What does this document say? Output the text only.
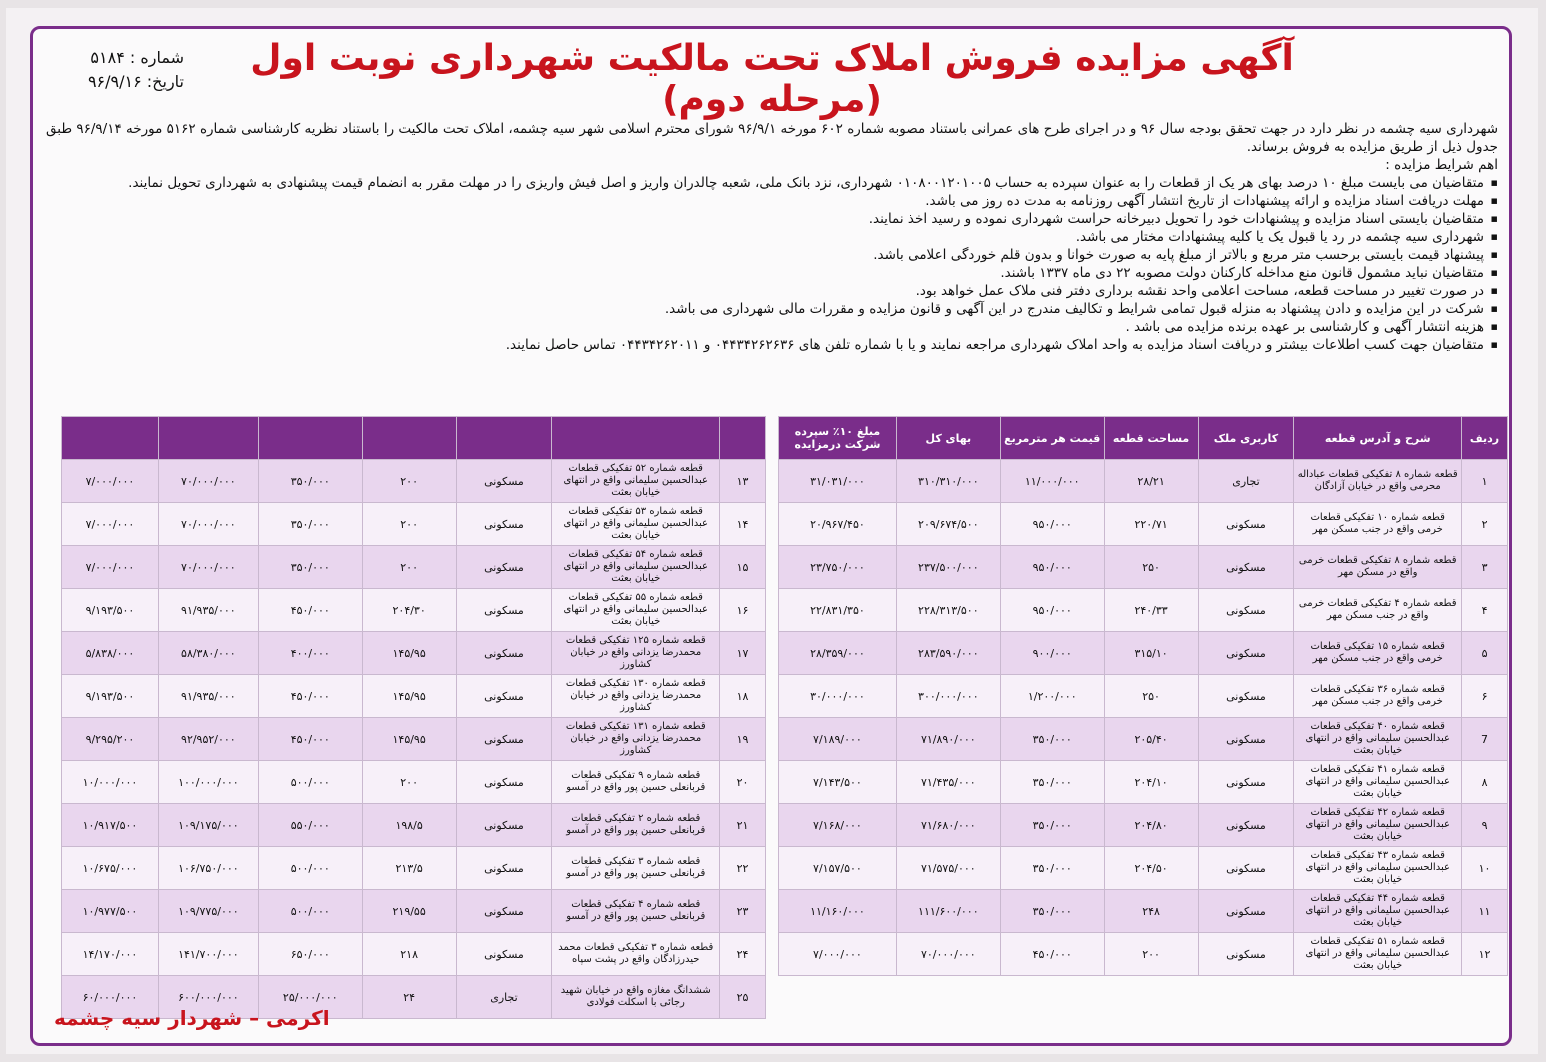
شماره : ۵۱۸۴
تاریخ: ۹۶/۹/۱۶
آگهی مزایده فروش املاک تحت مالکیت شهرداری نوبت اول (مرحله دوم)

شهرداری سیه چشمه در نظر دارد در جهت تحقق بودجه سال ۹۶ و در اجرای طرح های عمرانی باستناد مصوبه شماره ۶۰۲ مورخه ۹۶/۹/۱ شورای محترم اسلامی شهر سیه چشمه، املاک تحت مالکیت را باستناد نظریه کارشناسی شماره ۵۱۶۲ مورخه ۹۶/۹/۱۴ طبق جدول ذیل از طریق مزایده به فروش برساند.

اهم شرایط مزایده :

▪ متقاضیان می بایست مبلغ ۱۰ درصد بهای هر یک از قطعات را به عنوان سپرده به حساب ۰۱۰۸۰۰۱۲۰۱۰۰۵ شهرداری، نزد بانک ملی، شعبه چالدران واریز و اصل فیش واریزی را در مهلت مقرر به انضمام قیمت پیشنهادی به شهرداری تحویل نمایند.
▪ مهلت دریافت اسناد مزایده و ارائه پیشنهادات از تاریخ انتشار آگهی روزنامه به مدت ده روز می باشد.
▪ متقاضیان بایستی اسناد مزایده و پیشنهادات خود را تحویل دبیرخانه حراست شهرداری نموده و رسید اخذ نمایند.
▪ شهرداری سیه چشمه در رد یا قبول یک یا کلیه پیشنهادات مختار می باشد.
▪ پیشنهاد قیمت بایستی برحسب متر مربع و بالاتر از مبلغ پایه به صورت خوانا و بدون قلم خوردگی اعلامی باشد.
▪ متقاضیان نباید مشمول قانون منع مداخله کارکنان دولت مصوبه ۲۲ دی ماه ۱۳۳۷ باشند.
▪ در صورت تغییر در مساحت قطعه، مساحت اعلامی واحد نقشه برداری دفتر فنی ملاک عمل خواهد بود.
▪ شرکت در این مزایده و دادن پیشنهاد به منزله قبول تمامی شرایط و تکالیف مندرج در این آگهی و قانون مزایده و مقررات مالی شهرداری می باشد.
▪ هزینه انتشار آگهی و کارشناسی بر عهده برنده مزایده می باشد .
▪ متقاضیان جهت کسب اطلاعات بیشتر و دریافت اسناد مزایده به واحد املاک شهرداری مراجعه نمایند و یا با شماره تلفن های ۰۴۴۳۴۲۶۲۶۳۶ و ۰۴۴۳۴۲۶۲۰۱۱ تماس حاصل نمایند.
ردیف	شرح و آدرس قطعه	کاربری ملک	مساحت قطعه	قیمت هر مترمربع	بهای کل	مبلغ ۱۰٪ سپرده شرکت درمزایده
۱	قطعه شماره ۸ تفکیکی قطعات عباداله محرمی واقع در خیابان آزادگان	تجاری	۲۸/۲۱	۱۱/۰۰۰/۰۰۰	۳۱۰/۳۱۰/۰۰۰	۳۱/۰۳۱/۰۰۰
۲	قطعه شماره ۱۰ تفکیکی قطعات خرمی واقع در جنب مسکن مهر	مسکونی	۲۲۰/۷۱	۹۵۰/۰۰۰	۲۰۹/۶۷۴/۵۰۰	۲۰/۹۶۷/۴۵۰
۳	قطعه شماره ۸ تفکیکی قطعات خرمی واقع در مسکن مهر	مسکونی	۲۵۰	۹۵۰/۰۰۰	۲۳۷/۵۰۰/۰۰۰	۲۳/۷۵۰/۰۰۰
۴	قطعه شماره ۴ تفکیکی قطعات خرمی واقع در جنب مسکن مهر	مسکونی	۲۴۰/۳۳	۹۵۰/۰۰۰	۲۲۸/۳۱۳/۵۰۰	۲۲/۸۳۱/۳۵۰
۵	قطعه شماره ۱۵ تفکیکی قطعات خرمی واقع در جنب مسکن مهر	مسکونی	۳۱۵/۱۰	۹۰۰/۰۰۰	۲۸۳/۵۹۰/۰۰۰	۲۸/۳۵۹/۰۰۰
۶	قطعه شماره ۳۶ تفکیکی قطعات خرمی واقع در جنب مسکن مهر	مسکونی	۲۵۰	۱/۲۰۰/۰۰۰	۳۰۰/۰۰۰/۰۰۰	۳۰/۰۰۰/۰۰۰
7	قطعه شماره ۴۰ تفکیکی قطعات عبدالحسین سلیمانی واقع در انتهای خیابان بعثت	مسکونی	۲۰۵/۴۰	۳۵۰/۰۰۰	۷۱/۸۹۰/۰۰۰	۷/۱۸۹/۰۰۰
۸	قطعه شماره ۴۱ تفکیکی قطعات عبدالحسین سلیمانی واقع در انتهای خیابان بعثت	مسکونی	۲۰۴/۱۰	۳۵۰/۰۰۰	۷۱/۴۳۵/۰۰۰	۷/۱۴۳/۵۰۰
۹	قطعه شماره ۴۲ تفکیکی قطعات عبدالحسین سلیمانی واقع در انتهای خیابان بعثت	مسکونی	۲۰۴/۸۰	۳۵۰/۰۰۰	۷۱/۶۸۰/۰۰۰	۷/۱۶۸/۰۰۰
۱۰	قطعه شماره ۴۳ تفکیکی قطعات عبدالحسین سلیمانی واقع در انتهای خیابان بعثت	مسکونی	۲۰۴/۵۰	۳۵۰/۰۰۰	۷۱/۵۷۵/۰۰۰	۷/۱۵۷/۵۰۰
۱۱	قطعه شماره ۴۴ تفکیکی قطعات عبدالحسین سلیمانی واقع در انتهای خیابان بعثت	مسکونی	۲۴۸	۳۵۰/۰۰۰	۱۱۱/۶۰۰/۰۰۰	۱۱/۱۶۰/۰۰۰
۱۲	قطعه شماره ۵۱ تفکیکی قطعات عبدالحسین سلیمانی واقع در انتهای خیابان بعثت	مسکونی	۲۰۰	۴۵۰/۰۰۰	۷۰/۰۰۰/۰۰۰	۷/۰۰۰/۰۰۰

۱۳	قطعه شماره ۵۲ تفکیکی قطعات عبدالحسین سلیمانی واقع در انتهای خیابان بعثت	مسکونی	۲۰۰	۳۵۰/۰۰۰	۷۰/۰۰۰/۰۰۰	۷/۰۰۰/۰۰۰
۱۴	قطعه شماره ۵۳ تفکیکی قطعات عبدالحسین سلیمانی واقع در انتهای خیابان بعثت	مسکونی	۲۰۰	۳۵۰/۰۰۰	۷۰/۰۰۰/۰۰۰	۷/۰۰۰/۰۰۰
۱۵	قطعه شماره ۵۴ تفکیکی قطعات عبدالحسین سلیمانی واقع در انتهای خیابان بعثت	مسکونی	۲۰۰	۳۵۰/۰۰۰	۷۰/۰۰۰/۰۰۰	۷/۰۰۰/۰۰۰
۱۶	قطعه شماره ۵۵ تفکیکی قطعات عبدالحسین سلیمانی واقع در انتهای خیابان بعثت	مسکونی	۲۰۴/۳۰	۴۵۰/۰۰۰	۹۱/۹۳۵/۰۰۰	۹/۱۹۳/۵۰۰
۱۷	قطعه شماره ۱۲۵ تفکیکی قطعات محمدرضا یزدانی واقع در خیابان کشاورز	مسکونی	۱۴۵/۹۵	۴۰۰/۰۰۰	۵۸/۳۸۰/۰۰۰	۵/۸۳۸/۰۰۰
۱۸	قطعه شماره ۱۳۰ تفکیکی قطعات محمدرضا یزدانی واقع در خیابان کشاورز	مسکونی	۱۴۵/۹۵	۴۵۰/۰۰۰	۹۱/۹۳۵/۰۰۰	۹/۱۹۳/۵۰۰
۱۹	قطعه شماره ۱۳۱ تفکیکی قطعات محمدرضا یزدانی واقع در خیابان کشاورز	مسکونی	۱۴۵/۹۵	۴۵۰/۰۰۰	۹۲/۹۵۲/۰۰۰	۹/۲۹۵/۲۰۰
۲۰	قطعه شماره ۹ تفکیکی قطعات قربانعلی حسین پور واقع در آمسو	مسکونی	۲۰۰	۵۰۰/۰۰۰	۱۰۰/۰۰۰/۰۰۰	۱۰/۰۰۰/۰۰۰
۲۱	قطعه شماره ۲ تفکیکی قطعات قربانعلی حسین پور واقع در آمسو	مسکونی	۱۹۸/۵	۵۵۰/۰۰۰	۱۰۹/۱۷۵/۰۰۰	۱۰/۹۱۷/۵۰۰
۲۲	قطعه شماره ۳ تفکیکی قطعات قربانعلی حسین پور واقع در آمسو	مسکونی	۲۱۳/۵	۵۰۰/۰۰۰	۱۰۶/۷۵۰/۰۰۰	۱۰/۶۷۵/۰۰۰
۲۳	قطعه شماره ۴ تفکیکی قطعات قربانعلی حسین پور واقع در آمسو	مسکونی	۲۱۹/۵۵	۵۰۰/۰۰۰	۱۰۹/۷۷۵/۰۰۰	۱۰/۹۷۷/۵۰۰
۲۴	قطعه شماره ۳ تفکیکی قطعات محمد حیدرزادگان واقع در پشت سپاه	مسکونی	۲۱۸	۶۵۰/۰۰۰	۱۴۱/۷۰۰/۰۰۰	۱۴/۱۷۰/۰۰۰
۲۵	ششدانگ مغازه واقع در خیابان شهید رجائی با اسکلت فولادی	تجاری	۲۴	۲۵/۰۰۰/۰۰۰	۶۰۰/۰۰۰/۰۰۰	۶۰/۰۰۰/۰۰۰
اکرمی – شهردار سیه چشمه
